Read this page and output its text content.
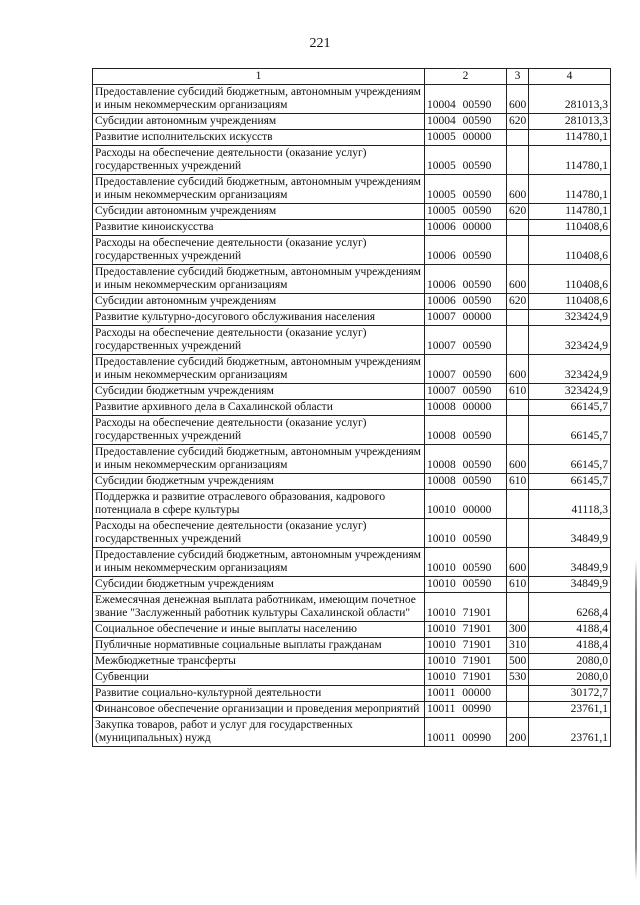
221
1	2	3	4
Предоставление субсидий бюджетным, автономным учреждениям и иным некоммерческим организациям	10004 00590	600	281013,3
Субсидии автономным учреждениям	10004 00590	620	281013,3
Развитие исполнительских искусств	10005 00000		114780,1
Расходы на обеспечение деятельности (оказание услуг) государственных учреждений	10005 00590		114780,1
Предоставление субсидий бюджетным, автономным учреждениям и иным некоммерческим организациям	10005 00590	600	114780,1
Субсидии автономным учреждениям	10005 00590	620	114780,1
Развитие киноискусства	10006 00000		110408,6
Расходы на обеспечение деятельности (оказание услуг) государственных учреждений	10006 00590		110408,6
Предоставление субсидий бюджетным, автономным учреждениям и иным некоммерческим организациям	10006 00590	600	110408,6
Субсидии автономным учреждениям	10006 00590	620	110408,6
Развитие культурно-досугового обслуживания населения	10007 00000		323424,9
Расходы на обеспечение деятельности (оказание услуг) государственных учреждений	10007 00590		323424,9
Предоставление субсидий бюджетным, автономным учреждениям и иным некоммерческим организациям	10007 00590	600	323424,9
Субсидии бюджетным учреждениям	10007 00590	610	323424,9
Развитие архивного дела в Сахалинской области	10008 00000		66145,7
Расходы на обеспечение деятельности (оказание услуг) государственных учреждений	10008 00590		66145,7
Предоставление субсидий бюджетным, автономным учреждениям и иным некоммерческим организациям	10008 00590	600	66145,7
Субсидии бюджетным учреждениям	10008 00590	610	66145,7
Поддержка и развитие отраслевого образования, кадрового потенциала в сфере культуры	10010 00000		41118,3
Расходы на обеспечение деятельности (оказание услуг) государственных учреждений	10010 00590		34849,9
Предоставление субсидий бюджетным, автономным учреждениям и иным некоммерческим организациям	10010 00590	600	34849,9
Субсидии бюджетным учреждениям	10010 00590	610	34849,9
Ежемесячная денежная выплата работникам, имеющим почетное звание "Заслуженный работник культуры Сахалинской области"	10010 71901		6268,4
Социальное обеспечение и иные выплаты населению	10010 71901	300	4188,4
Публичные нормативные социальные выплаты гражданам	10010 71901	310	4188,4
Межбюджетные трансферты	10010 71901	500	2080,0
Субвенции	10010 71901	530	2080,0
Развитие социально-культурной деятельности	10011 00000		30172,7
Финансовое обеспечение организации и проведения мероприятий	10011 00990		23761,1
Закупка товаров, работ и услуг для государственных (муниципальных) нужд	10011 00990	200	23761,1
